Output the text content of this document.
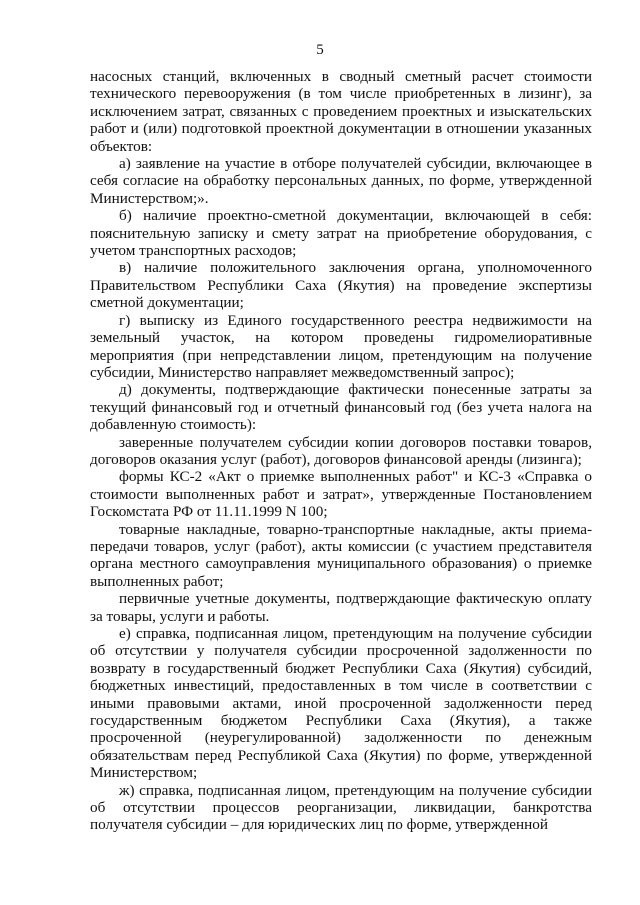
5

насосных станций, включенных в сводный сметный расчет стоимости технического перевооружения (в том числе приобретенных в лизинг), за исключением затрат, связанных с проведением проектных и изыскательских работ и (или) подготовкой проектной документации в отношении указанных объектов:

а) заявление на участие в отборе получателей субсидии, включающее в себя согласие на обработку персональных данных, по форме, утвержденной Министерством;».

б) наличие проектно-сметной документации, включающей в себя: пояснительную записку и смету затрат на приобретение оборудования, с учетом транспортных расходов;

в) наличие положительного заключения органа, уполномоченного Правительством Республики Саха (Якутия) на проведение экспертизы сметной документации;

г) выписку из Единого государственного реестра недвижимости на земельный участок, на котором проведены гидромелиоративные мероприятия (при непредставлении лицом, претендующим на получение субсидии, Министерство направляет межведомственный запрос);

д) документы, подтверждающие фактически понесенные затраты за текущий финансовый год и отчетный финансовый год (без учета налога на добавленную стоимость):

заверенные получателем субсидии копии договоров поставки товаров, договоров оказания услуг (работ), договоров финансовой аренды (лизинга);

формы КС-2 «Акт о приемке выполненных работ" и КС-3 «Справка о стоимости выполненных работ и затрат», утвержденные Постановлением Госкомстата РФ от 11.11.1999 N 100;

товарные накладные, товарно-транспортные накладные, акты приема-передачи товаров, услуг (работ), акты комиссии (с участием представителя органа местного самоуправления муниципального образования) о приемке выполненных работ;

первичные учетные документы, подтверждающие фактическую оплату за товары, услуги и работы.

е) справка, подписанная лицом, претендующим на получение субсидии об отсутствии у получателя субсидии просроченной задолженности по возврату в государственный бюджет Республики Саха (Якутия) субсидий, бюджетных инвестиций, предоставленных в том числе в соответствии с иными правовыми актами, иной просроченной задолженности перед государственным бюджетом Республики Саха (Якутия), а также просроченной (неурегулированной) задолженности по денежным обязательствам перед Республикой Саха (Якутия) по форме, утвержденной Министерством;

ж) справка, подписанная лицом, претендующим на получение субсидии об отсутствии процессов реорганизации, ликвидации, банкротства получателя субсидии – для юридических лиц по форме, утвержденной
